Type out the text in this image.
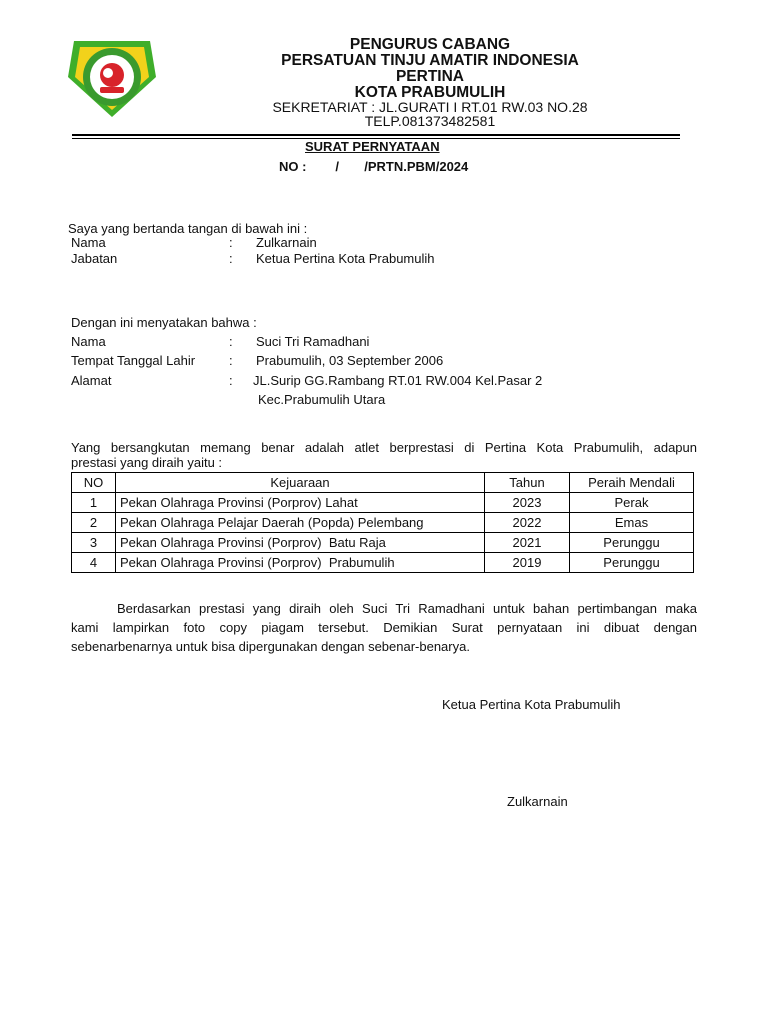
PENGURUS CABANG
PERSATUAN TINJU AMATIR INDONESIA
PERTINA
KOTA PRABUMULIH
SEKRETARIAT : JL.GURATI I RT.01 RW.03 NO.28
TELP.081373482581
SURAT PERNYATAAN
NO :        /       /PRTN.PBM/2024
Saya yang bertanda tangan di bawah ini :
Nama	: Zulkarnain
Jabatan	: Ketua Pertina Kota Prabumulih
Dengan ini menyatakan bahwa :
Nama	: Suci Tri Ramadhani
Tempat Tanggal Lahir	: Prabumulih, 03 September 2006
Alamat	: JL.Surip GG.Rambang RT.01 RW.004 Kel.Pasar 2
Kec.Prabumulih Utara
Yang bersangkutan memang benar adalah atlet berprestasi di Pertina Kota Prabumulih, adapun
prestasi yang diraih yaitu :
NO	Kejuaraan	Tahun	Peraih Mendali
1	Pekan Olahraga Provinsi (Porprov) Lahat	2023	Perak
2	Pekan Olahraga Pelajar Daerah (Popda) Pelembang	2022	Emas
3	Pekan Olahraga Provinsi (Porprov)  Batu Raja	2021	Perunggu
4	Pekan Olahraga Provinsi (Porprov)  Prabumulih	2019	Perunggu
Berdasarkan prestasi yang diraih oleh Suci Tri Ramadhani untuk bahan pertimbangan maka
kami lampirkan foto copy piagam tersebut. Demikian Surat pernyataan ini dibuat dengan
sebenarbenarnya untuk bisa dipergunakan dengan sebenar-benarya.
Ketua Pertina Kota Prabumulih
Zulkarnain
